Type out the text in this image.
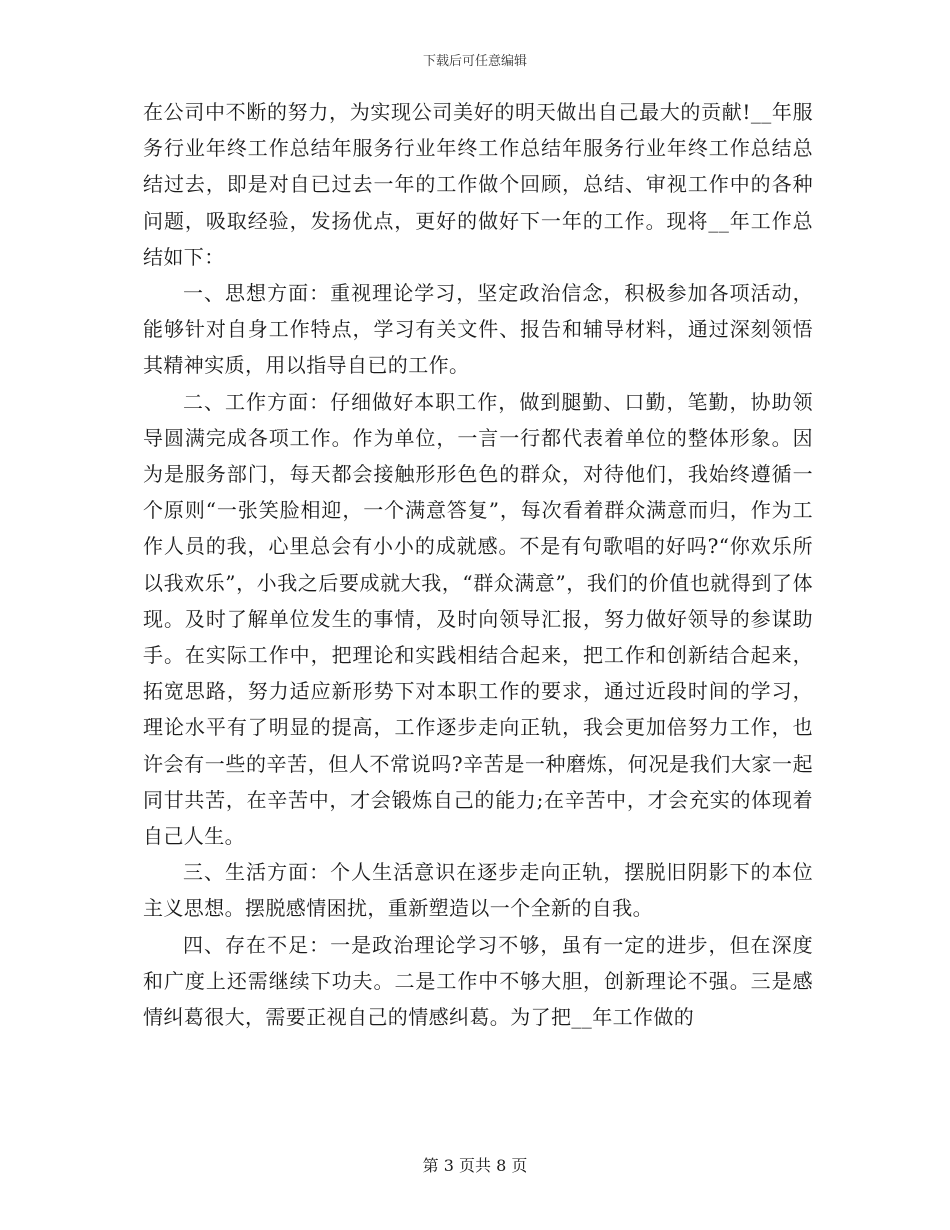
下载后可任意编辑

在公司中不断的努力，为实现公司美好的明天做出自己最大的贡献!__年服务行业年终工作总结年服务行业年终工作总结年服务行业年终工作总结总结过去，即是对自已过去一年的工作做个回顾，总结、审视工作中的各种问题，吸取经验，发扬优点，更好的做好下一年的工作。现将__年工作总结如下：

一、思想方面：重视理论学习，坚定政治信念，积极参加各项活动，能够针对自身工作特点，学习有关文件、报告和辅导材料，通过深刻领悟其精神实质，用以指导自已的工作。

二、工作方面：仔细做好本职工作，做到腿勤、口勤，笔勤，协助领导圆满完成各项工作。作为单位，一言一行都代表着单位的整体形象。因为是服务部门，每天都会接触形形色色的群众，对待他们，我始终遵循一个原则“一张笑脸相迎，一个满意答复”，每次看着群众满意而归，作为工作人员的我，心里总会有小小的成就感。不是有句歌唱的好吗?“你欢乐所以我欢乐”，小我之后要成就大我，“群众满意”，我们的价值也就得到了体现。及时了解单位发生的事情，及时向领导汇报，努力做好领导的参谋助手。在实际工作中，把理论和实践相结合起来，把工作和创新结合起来，拓宽思路，努力适应新形势下对本职工作的要求，通过近段时间的学习，理论水平有了明显的提高，工作逐步走向正轨，我会更加倍努力工作，也许会有一些的辛苦，但人不常说吗?辛苦是一种磨炼，何况是我们大家一起同甘共苦，在辛苦中，才会锻炼自己的能力;在辛苦中，才会充实的体现着自己人生。

三、生活方面：个人生活意识在逐步走向正轨，摆脱旧阴影下的本位主义思想。摆脱感情困扰，重新塑造以一个全新的自我。

四、存在不足：一是政治理论学习不够，虽有一定的进步，但在深度和广度上还需继续下功夫。二是工作中不够大胆，创新理论不强。三是感情纠葛很大，需要正视自己的情感纠葛。为了把__年工作做的

第 3 页共 8 页
